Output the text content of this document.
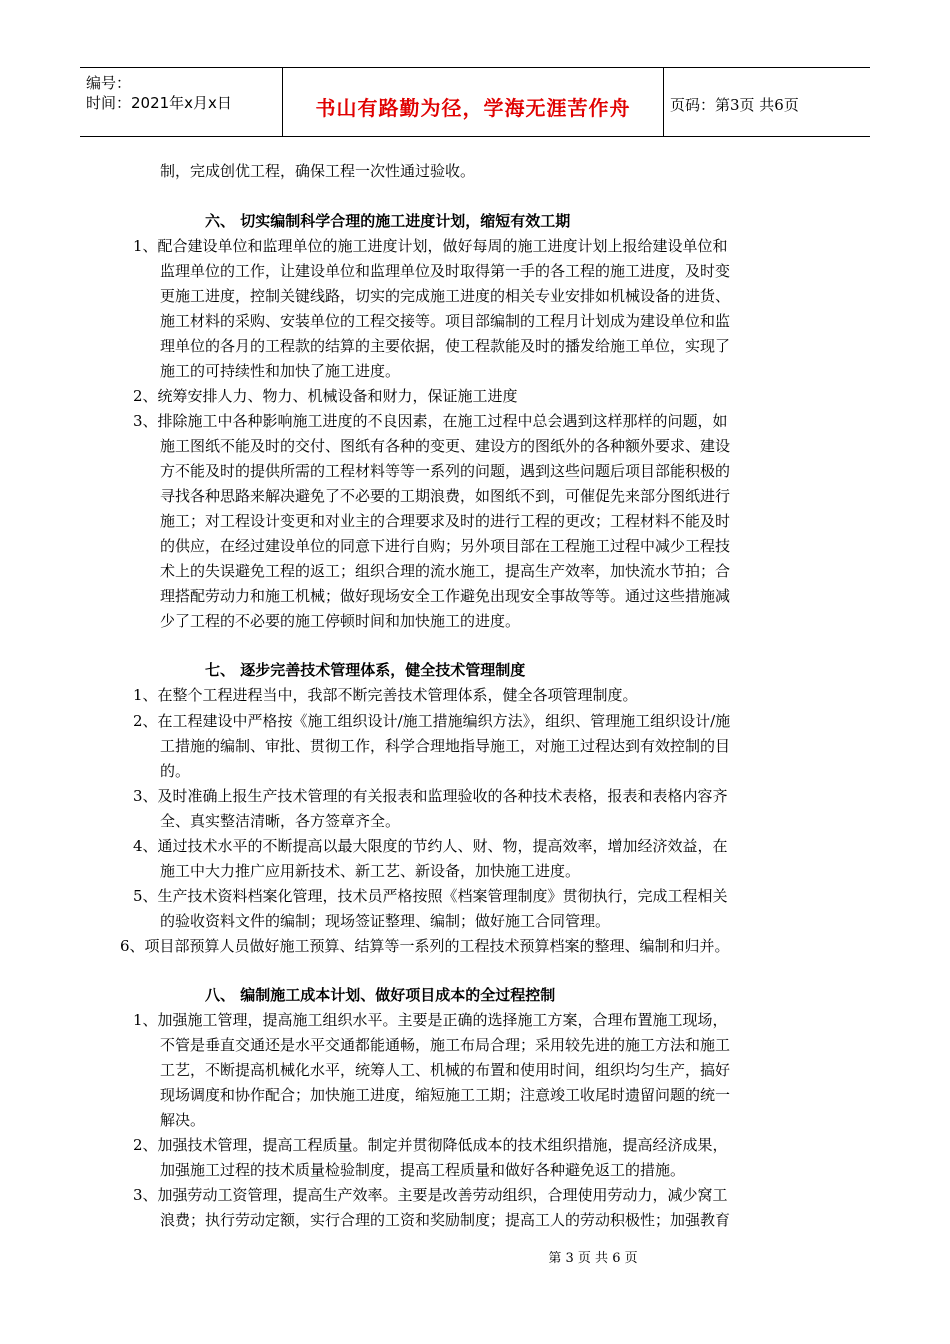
编号：
时间：2021年x月x日	书山有路勤为径，学海无涯苦作舟	页码：第3页 共6页
制，完成创优工程，确保工程一次性通过验收。
六、 切实编制科学合理的施工进度计划，缩短有效工期
1、配合建设单位和监理单位的施工进度计划，做好每周的施工进度计划上报给建设单位和
监理单位的工作，让建设单位和监理单位及时取得第一手的各工程的施工进度，及时变
更施工进度，控制关键线路，切实的完成施工进度的相关专业安排如机械设备的进货、
施工材料的采购、安装单位的工程交接等。项目部编制的工程月计划成为建设单位和监
理单位的各月的工程款的结算的主要依据，使工程款能及时的播发给施工单位，实现了
施工的可持续性和加快了施工进度。
2、统筹安排人力、物力、机械设备和财力，保证施工进度
3、排除施工中各种影响施工进度的不良因素，在施工过程中总会遇到这样那样的问题，如
施工图纸不能及时的交付、图纸有各种的变更、建设方的图纸外的各种额外要求、建设
方不能及时的提供所需的工程材料等等一系列的问题，遇到这些问题后项目部能积极的
寻找各种思路来解决避免了不必要的工期浪费，如图纸不到，可催促先来部分图纸进行
施工；对工程设计变更和对业主的合理要求及时的进行工程的更改；工程材料不能及时
的供应，在经过建设单位的同意下进行自购；另外项目部在工程施工过程中减少工程技
术上的失误避免工程的返工；组织合理的流水施工，提高生产效率，加快流水节拍；合
理搭配劳动力和施工机械；做好现场安全工作避免出现安全事故等等。通过这些措施减
少了工程的不必要的施工停顿时间和加快施工的进度。
七、 逐步完善技术管理体系，健全技术管理制度
1、在整个工程进程当中，我部不断完善技术管理体系，健全各项管理制度。
2、在工程建设中严格按《施工组织设计/施工措施编织方法》，组织、管理施工组织设计/施
工措施的编制、审批、贯彻工作，科学合理地指导施工，对施工过程达到有效控制的目
的。
3、及时准确上报生产技术管理的有关报表和监理验收的各种技术表格，报表和表格内容齐
全、真实整洁清晰，各方签章齐全。
4、通过技术水平的不断提高以最大限度的节约人、财、物，提高效率，增加经济效益，在
施工中大力推广应用新技术、新工艺、新设备，加快施工进度。
5、生产技术资料档案化管理，技术员严格按照《档案管理制度》贯彻执行，完成工程相关
的验收资料文件的编制；现场签证整理、编制；做好施工合同管理。
6、项目部预算人员做好施工预算、结算等一系列的工程技术预算档案的整理、编制和归并。
八、 编制施工成本计划、做好项目成本的全过程控制
1、加强施工管理，提高施工组织水平。主要是正确的选择施工方案，合理布置施工现场，
不管是垂直交通还是水平交通都能通畅，施工布局合理；采用较先进的施工方法和施工
工艺，不断提高机械化水平，统筹人工、机械的布置和使用时间，组织均匀生产，搞好
现场调度和协作配合；加快施工进度，缩短施工工期；注意竣工收尾时遗留问题的统一
解决。
2、加强技术管理，提高工程质量。制定并贯彻降低成本的技术组织措施，提高经济成果，
加强施工过程的技术质量检验制度，提高工程质量和做好各种避免返工的措施。
3、加强劳动工资管理，提高生产效率。主要是改善劳动组织，合理使用劳动力，减少窝工
浪费；执行劳动定额，实行合理的工资和奖励制度；提高工人的劳动积极性；加强教育
第 3 页 共 6 页
